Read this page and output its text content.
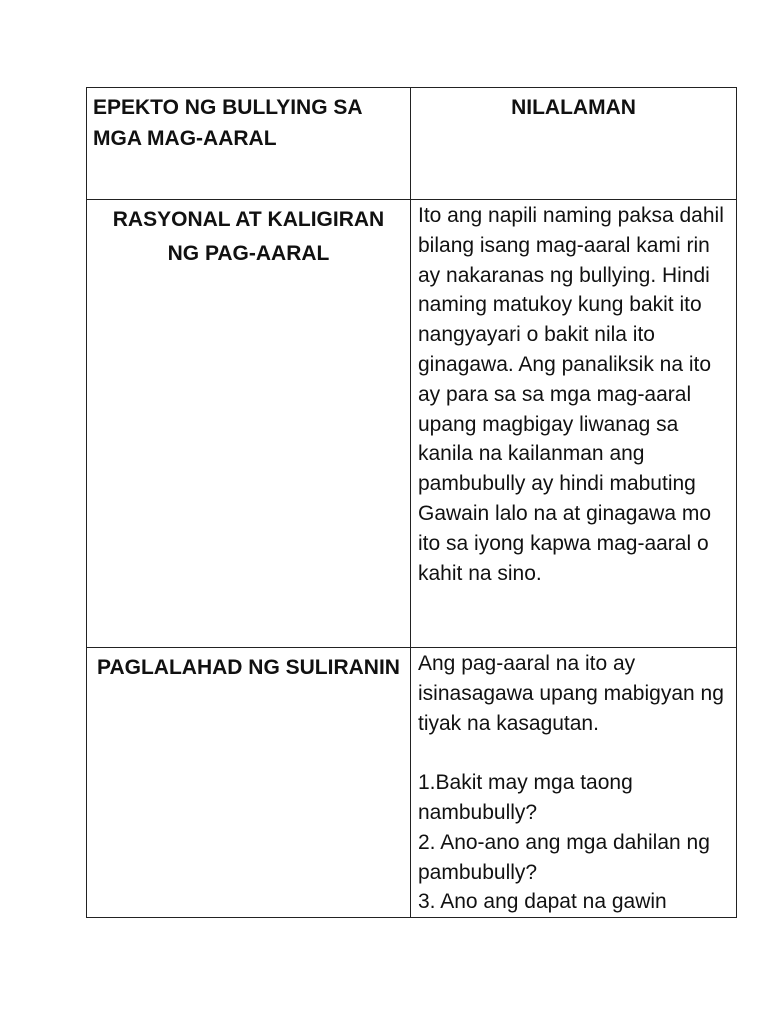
EPEKTO NG BULLYING SA MGA MAG-AARAL	NILALAMAN
RASYONAL AT KALIGIRAN NG PAG-AARAL	Ito ang napili naming paksa dahil bilang isang mag-aaral kami rin ay nakaranas ng bullying. Hindi naming matukoy kung bakit ito nangyayari o bakit nila ito ginagawa. Ang panaliksik na ito ay para sa sa mga mag-aaral upang magbigay liwanag sa kanila na kailanman ang pambubully ay hindi mabuting Gawain lalo na at ginagawa mo ito sa iyong kapwa mag-aaral o kahit na sino.
PAGLALAHAD NG SULIRANIN	Ang pag-aaral na ito ay isinasagawa upang mabigyan ng tiyak na kasagutan.

1.Bakit may mga taong nambubully?
2. Ano-ano ang mga dahilan ng pambubully?
3. Ano ang dapat na gawin
